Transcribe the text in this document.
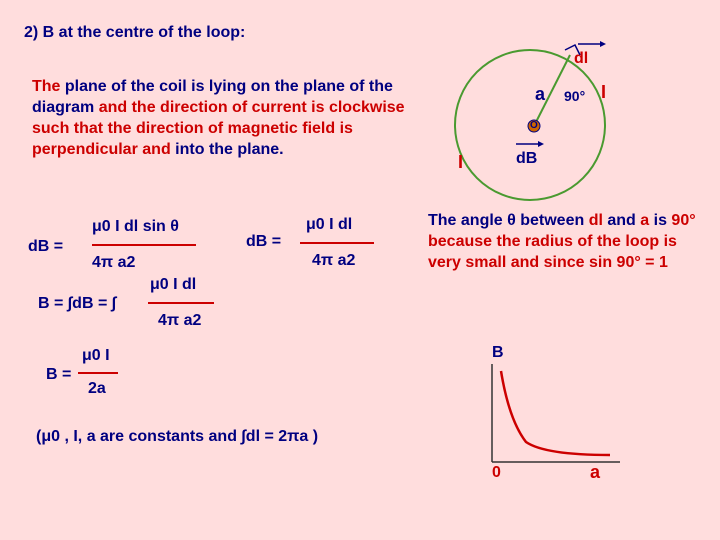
2) B at the centre of the loop:
The plane of the coil is lying on the plane of the diagram and the direction of current is clockwise such that the direction of magnetic field is perpendicular and into the plane.
dl
a 90° I
I
O
dB
The angle θ between dl and a is 90° because the radius of the loop is very small and since sin 90° = 1
dB =
μ0 I dl sin θ
4π a2
dB =
μ0 I dl
4π a2
B = ∫dB = ∫
μ0 I dl
4π a2
B =
μ0 I
2a
(μ0 , I, a are constants and ∫dl = 2πa )
B
0	a
